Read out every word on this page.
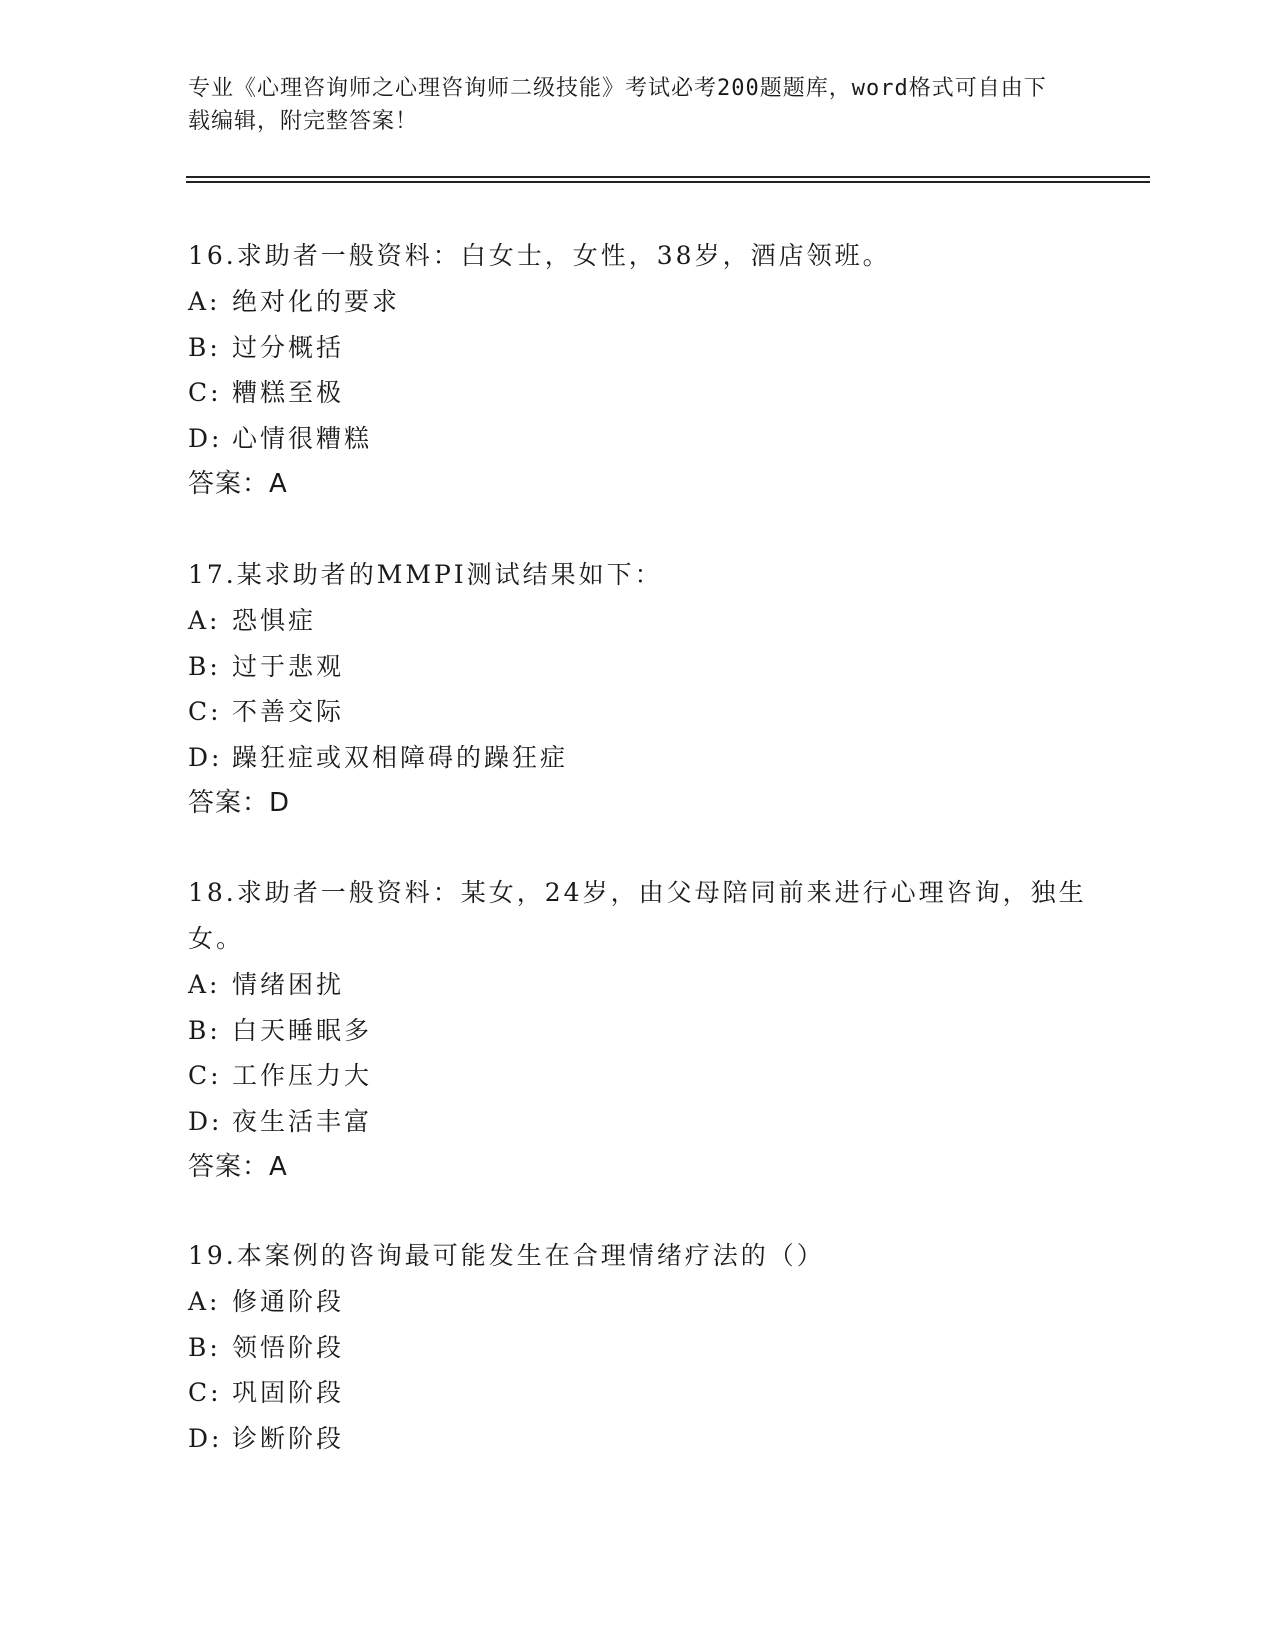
专业《心理咨询师之心理咨询师二级技能》考试必考200题题库，word格式可自由下载编辑，附完整答案！

16.求助者一般资料：白女士，女性，38岁，酒店领班。

A: 绝对化的要求
B: 过分概括
C: 糟糕至极
D: 心情很糟糕
答案：A

17.某求助者的MMPI测试结果如下：

A: 恐惧症
B: 过于悲观
C: 不善交际
D: 躁狂症或双相障碍的躁狂症
答案：D

18.求助者一般资料：某女，24岁，由父母陪同前来进行心理咨询，独生女。

A: 情绪困扰
B: 白天睡眠多
C: 工作压力大
D: 夜生活丰富
答案：A

19.本案例的咨询最可能发生在合理情绪疗法的（）

A: 修通阶段
B: 领悟阶段
C: 巩固阶段
D: 诊断阶段
